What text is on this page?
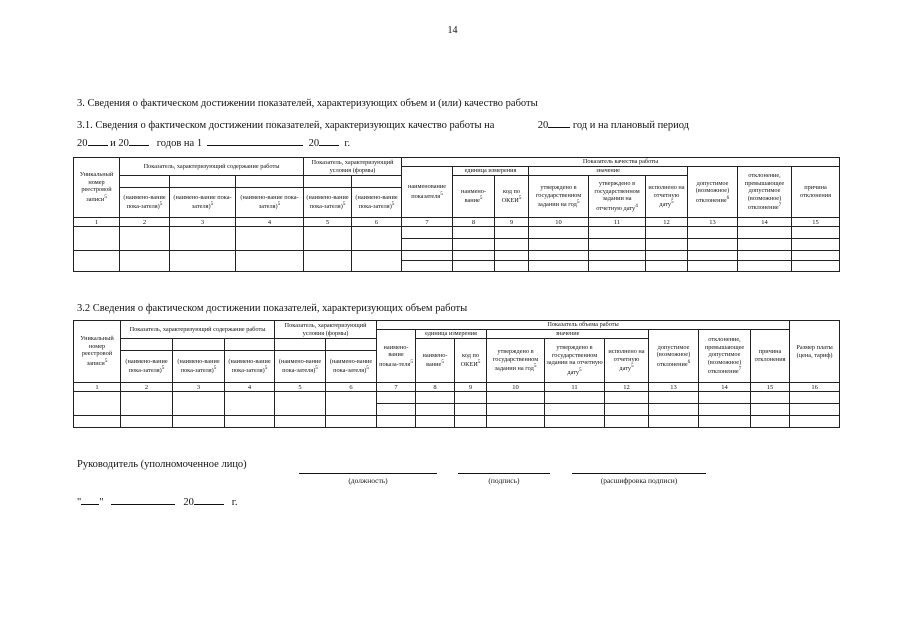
14
3. Сведения о фактическом достижении показателей, характеризующих объем и (или) качество работы
3.1. Сведения о фактическом достижении показателей, характеризующих качество работы на	20 год и на плановый период
20 и 20	годов на 1	20 г.
Уникальный номер реестровой записи$^5$	Показатель, характеризующий содержание работы			Показатель, характеризующий условия (формы)		Показатель качества работы								
						наименование показателя$^5$	единица измерения		значение			допустимое (возможное) отклонение$^6$	отклонение, превышающее допустимое (возможное) отклонение$^7$	причина отклонения
							наимено-вание$^5$	код по ОКЕИ$^5$	утверждено в государственном задании на год$^5$	утверждено в государственном задании на отчетную дату$^4$	исполнено на отчетную дату$^5$
	(наимено-вание пока-зателя)$^5$	(наимено-вание пока-зателя)$^5$	(наимено-вание пока-зателя)$^5$	(наимено-вание пока-зателя)$^5$	(наимено-вание пока-зателя)$^5$
1	2	3	4	5	6	7	8	9	10	11	12	13	14	15

3.2 Сведения о фактическом достижении показателей, характеризующих объем работы
Уникальный номер реестровой записи$^5$	Показатель, характеризующий содержание работы			Показатель, характеризующий условия (формы)		Показатель объема работы									Размер платы (цена, тариф)
						наимено-вание показа-теля$^5$	единица измерения		значение			допустимое (возможное) отклонение$^6$	отклонение, превышающее допустимое (возможное) отклонение$^7$	причина отклонения	
							наимено-вание$^5$	код по ОКЕИ$^5$	утверждено в государственном задании на год$^5$	утверждено в государственном задании на отчетную дату$^5$	исполнено на отчетную дату$^5$
	(наимено-вание пока-зателя)$^5$	(наимено-вание пока-зателя)$^5$	(наимено-вание пока-зателя)$^5$	(наимено-вание пока-зателя)$^5$	(наимено-вание пока-зателя)$^5$
1	2	3	4	5	6	7	8	9	10	11	12	13	14	15	16

Руководитель (уполномоченное лицо)
(должность)	(подпись)	(расшифровка подписи)
" "	20	г.
